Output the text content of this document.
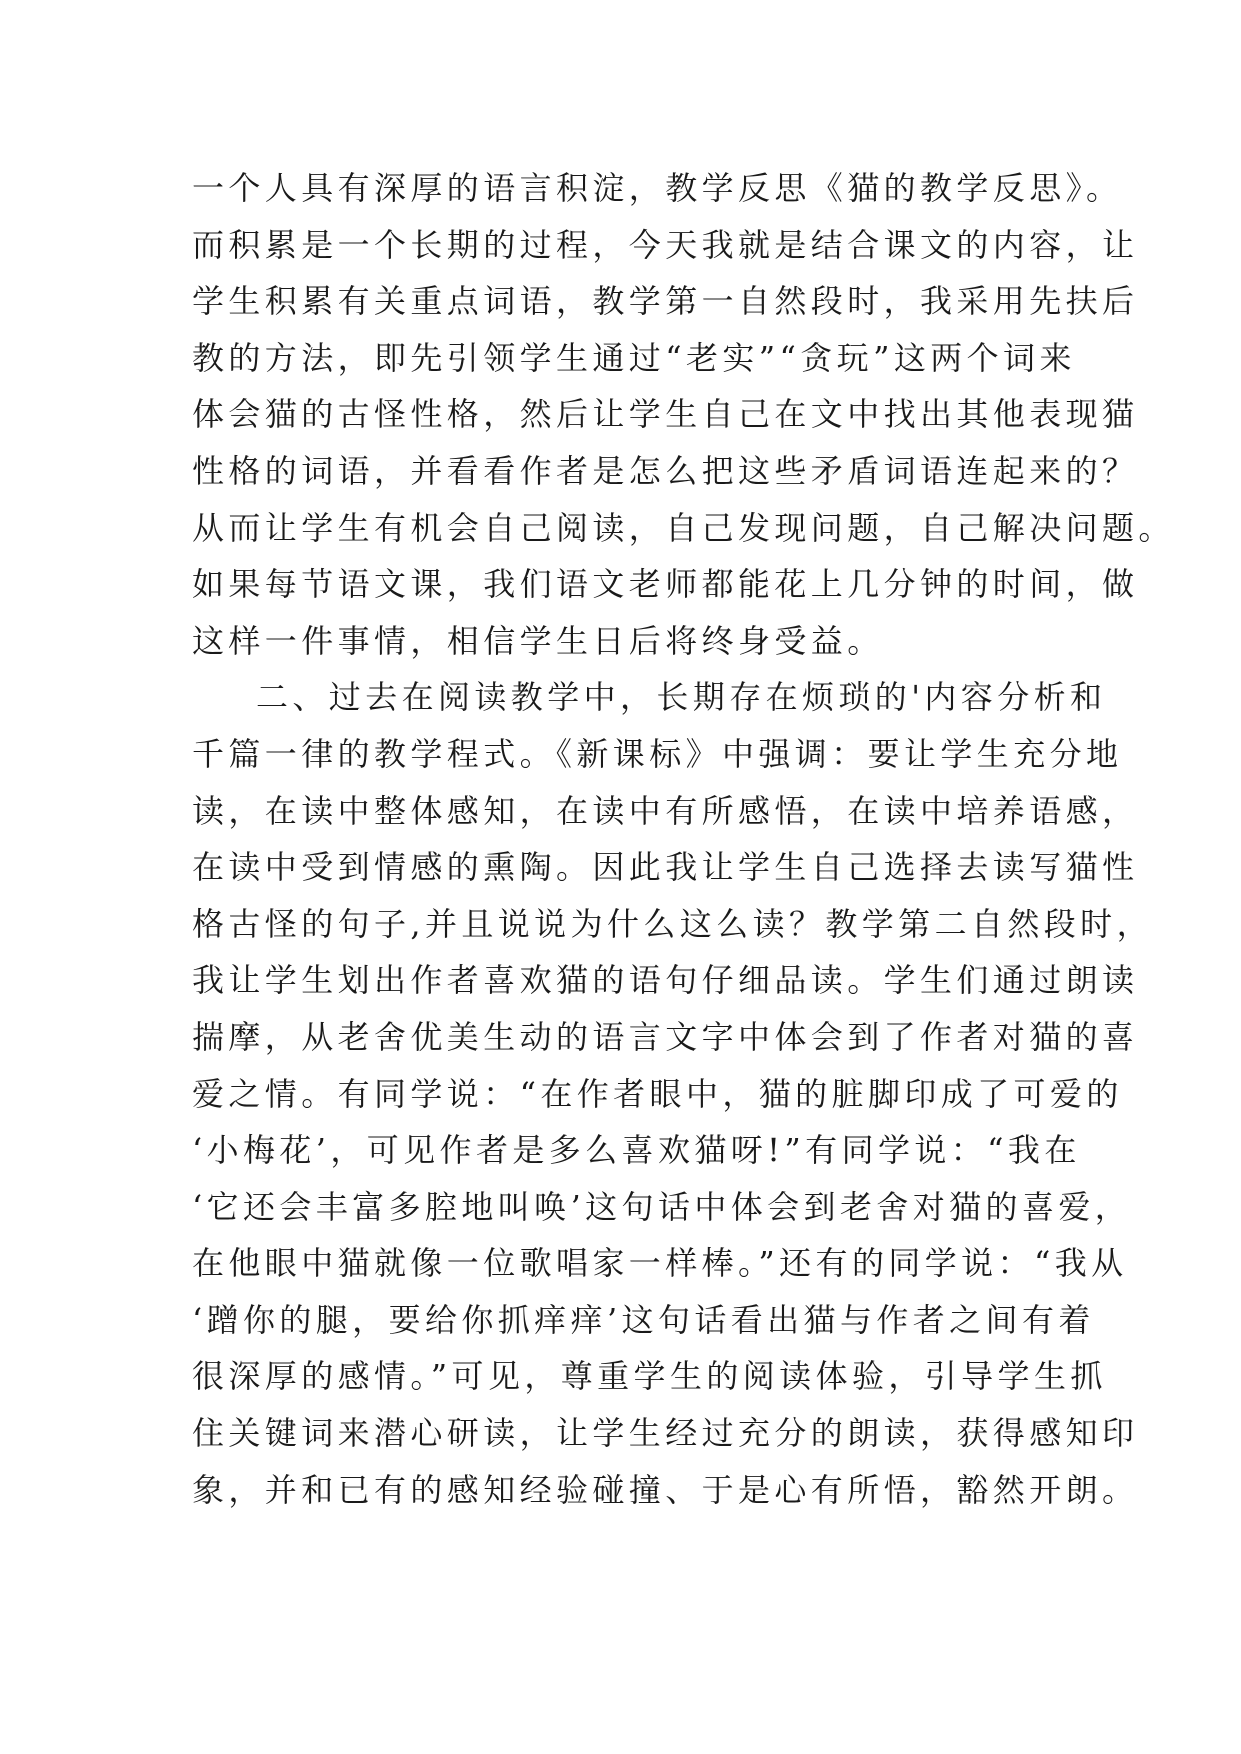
一个人具有深厚的语言积淀，教学反思《猫的教学反思》。
而积累是一个长期的过程，今天我就是结合课文的内容，让
学生积累有关重点词语，教学第一自然段时，我采用先扶后
教的方法，即先引领学生通过“老实”“贪玩”这两个词来
体会猫的古怪性格，然后让学生自己在文中找出其他表现猫
性格的词语，并看看作者是怎么把这些矛盾词语连起来的？
从而让学生有机会自己阅读，自己发现问题，自己解决问题。
如果每节语文课，我们语文老师都能花上几分钟的时间，做
这样一件事情，相信学生日后将终身受益。
二、过去在阅读教学中，长期存在烦琐的'内容分析和
千篇一律的教学程式。《新课标》中强调：要让学生充分地
读，在读中整体感知，在读中有所感悟，在读中培养语感，
在读中受到情感的熏陶。因此我让学生自己选择去读写猫性
格古怪的句子,并且说说为什么这么读？教学第二自然段时，
我让学生划出作者喜欢猫的语句仔细品读。学生们通过朗读
揣摩，从老舍优美生动的语言文字中体会到了作者对猫的喜
爱之情。有同学说：“在作者眼中，猫的脏脚印成了可爱的
‘小梅花’，可见作者是多么喜欢猫呀!”有同学说：“我在
‘它还会丰富多腔地叫唤’这句话中体会到老舍对猫的喜爱，
在他眼中猫就像一位歌唱家一样棒。”还有的同学说：“我从
‘蹭你的腿，要给你抓痒痒’这句话看出猫与作者之间有着
很深厚的感情。”可见，尊重学生的阅读体验，引导学生抓
住关键词来潜心研读，让学生经过充分的朗读，获得感知印
象，并和已有的感知经验碰撞、于是心有所悟，豁然开朗。
